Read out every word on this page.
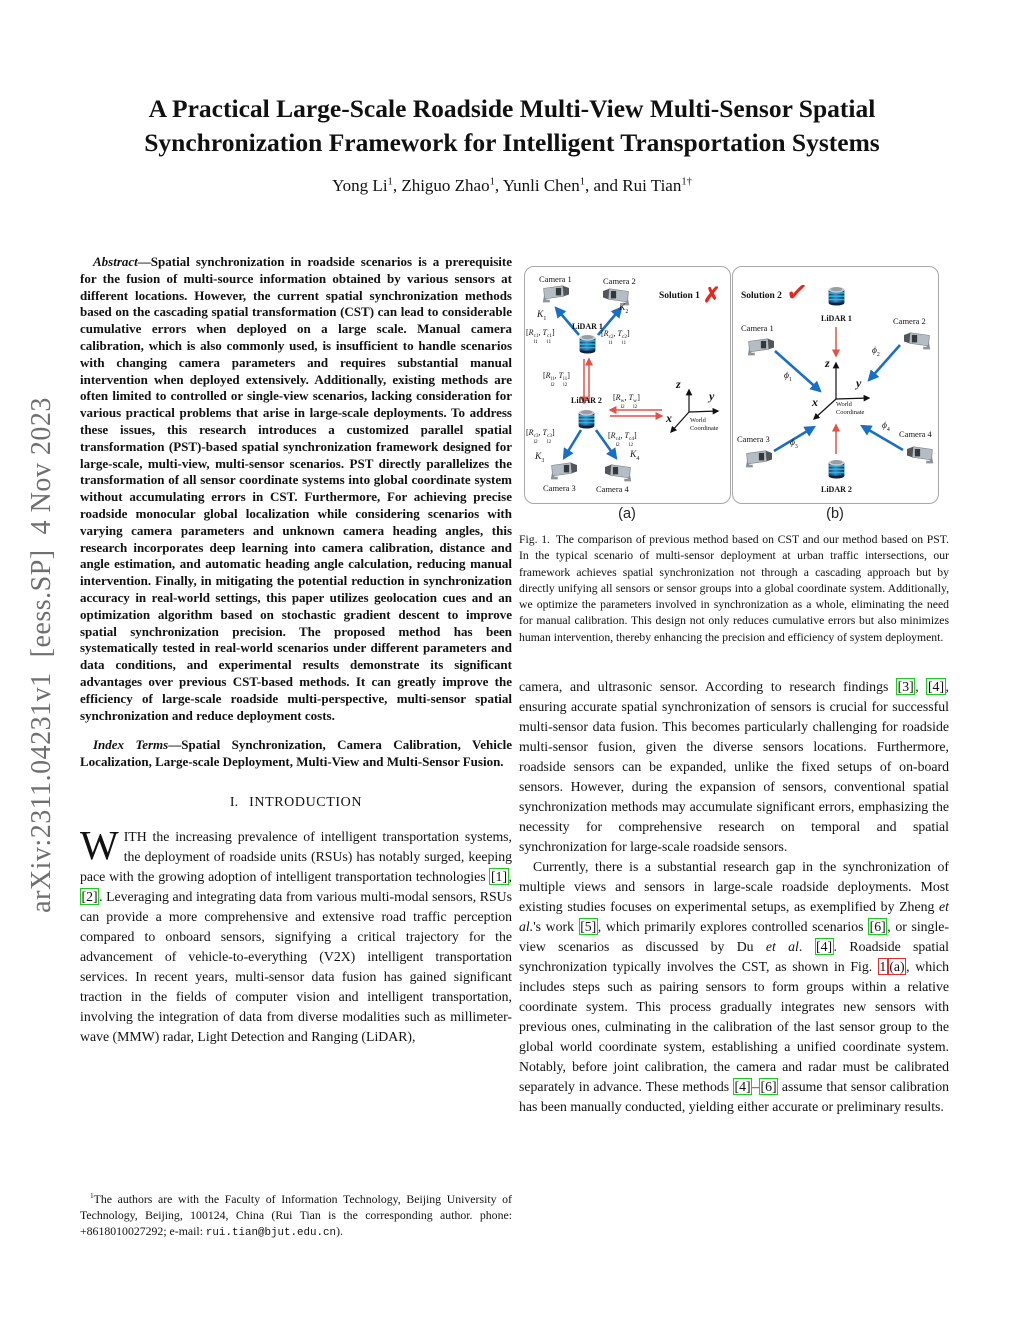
arXiv:2311.04231v1  [eess.SP]  4 Nov 2023
A Practical Large-Scale Roadside Multi-View Multi-Sensor Spatial Synchronization Framework for Intelligent Transportation Systems
Yong Li$^1$, Zhiguo Zhao$^1$, Yunli Chen$^1$, and Rui Tian$^{1\dagger}$

Abstract—Spatial synchronization in roadside scenarios is a prerequisite for the fusion of multi-source information obtained by various sensors at different locations. However, the current spatial synchronization methods based on the cascading spatial transformation (CST) can lead to considerable cumulative errors when deployed on a large scale. Manual camera calibration, which is also commonly used, is insufficient to handle scenarios with changing camera parameters and requires substantial manual intervention when deployed extensively. Additionally, existing methods are often limited to controlled or single-view scenarios, lacking consideration for various practical problems that arise in large-scale deployments. To address these issues, this research introduces a customized parallel spatial transformation (PST)-based spatial synchronization framework designed for large-scale, multi-view, multi-sensor scenarios. PST directly parallelizes the transformation of all sensor coordinate systems into global coordinate system without accumulating errors in CST. Furthermore, For achieving precise roadside monocular global localization while considering scenarios with varying camera parameters and unknown camera heading angles, this research incorporates deep learning into camera calibration, distance and angle estimation, and automatic heading angle calculation, reducing manual intervention. Finally, in mitigating the potential reduction in synchronization accuracy in real-world settings, this paper utilizes geolocation cues and an optimization algorithm based on stochastic gradient descent to improve spatial synchronization precision. The proposed method has been systematically tested in real-world scenarios under different parameters and data conditions, and experimental results demonstrate its significant advantages over previous CST-based methods. It can greatly improve the efficiency of large-scale roadside multi-perspective, multi-sensor spatial synchronization and reduce deployment costs.

Index Terms—Spatial Synchronization, Camera Calibration, Vehicle Localization, Large-scale Deployment, Multi-View and Multi-Sensor Fusion.

I. INTRODUCTION

WITH the increasing prevalence of intelligent transportation systems, the deployment of roadside units (RSUs) has notably surged, keeping pace with the growing adoption of intelligent transportation technologies [1] , [2] . Leveraging and integrating data from various multi-modal sensors, RSUs can provide a more comprehensive and extensive road traffic perception compared to onboard sensors, signifying a critical trajectory for the advancement of vehicle-to-everything (V2X) intelligent transportation services. In recent years, multi-sensor data fusion has gained significant traction in the fields of computer vision and intelligent transportation, involving the integration of data from diverse modalities such as millimeter-wave (MMW) radar, Light Detection and Ranging (LiDAR),

$^1$The authors are with the Faculty of Information Technology, Beijing University of Technology, Beijing, 100124, China (Rui Tian is the corresponding author. phone: +8618010027292; e-mail: rui.tian@bjut.edu.cn).
Camera 1	Camera 2
Solution 1 ✗
$K_1$
$K_2$
LiDAR 1
[R c1
l1
, T c1
l1
]	[R c2
l1
, T c2
l1
]
[R l1
l2
, T l1
l2
]
LiDAR 2 [R w
l2
, T w
l2
]
z
y
x	World Coordinate
[R c3
l2
, T c3
l2
]	[R c4
l2
, T c4
l2
]
$K_3$
$K_4$
Camera 3 Camera 4
Solution 2 ✓
LiDAR 1
Camera 1
Camera 2
$\phi_1$
$\phi_2$
z
y
x	World Coordinate
Camera 3 $\phi_3$
Camera 4
$\phi_4$
LiDAR 2
(a)	(b)
Fig. 1. The comparison of previous method based on CST and our method based on PST. In the typical scenario of multi-sensor deployment at urban traffic intersections, our framework achieves spatial synchronization not through a cascading approach but by directly unifying all sensors or sensor groups into a global coordinate system. Additionally, we optimize the parameters involved in synchronization as a whole, eliminating the need for manual calibration. This design not only reduces cumulative errors but also minimizes human intervention, thereby enhancing the precision and efficiency of system deployment.

camera, and ultrasonic sensor. According to research findings [3] , [4] , ensuring accurate spatial synchronization of sensors is crucial for successful multi-sensor data fusion. This becomes particularly challenging for roadside multi-sensor fusion, given the diverse sensors locations. Furthermore, roadside sensors can be expanded, unlike the fixed setups of on-board sensors. However, during the expansion of sensors, conventional spatial synchronization methods may accumulate significant errors, emphasizing the necessity for comprehensive research on temporal and spatial synchronization for large-scale roadside sensors.

Currently, there is a substantial research gap in the synchronization of multiple views and sensors in large-scale roadside deployments. Most existing studies focuses on experimental setups, as exemplified by Zheng et al.'s work [5] , which primarily explores controlled scenarios [6] , or single-view scenarios as discussed by Du et al. [4] . Roadside spatial synchronization typically involves the CST, as shown in Fig. 1 (a) , which includes steps such as pairing sensors to form groups within a relative coordinate system. This process gradually integrates new sensors with previous ones, culminating in the calibration of the last sensor group to the global world coordinate system, establishing a unified coordinate system. Notably, before joint calibration, the camera and radar must be calibrated separately in advance. These methods [4] – [6] assume that sensor calibration has been manually conducted, yielding either accurate or preliminary results.
